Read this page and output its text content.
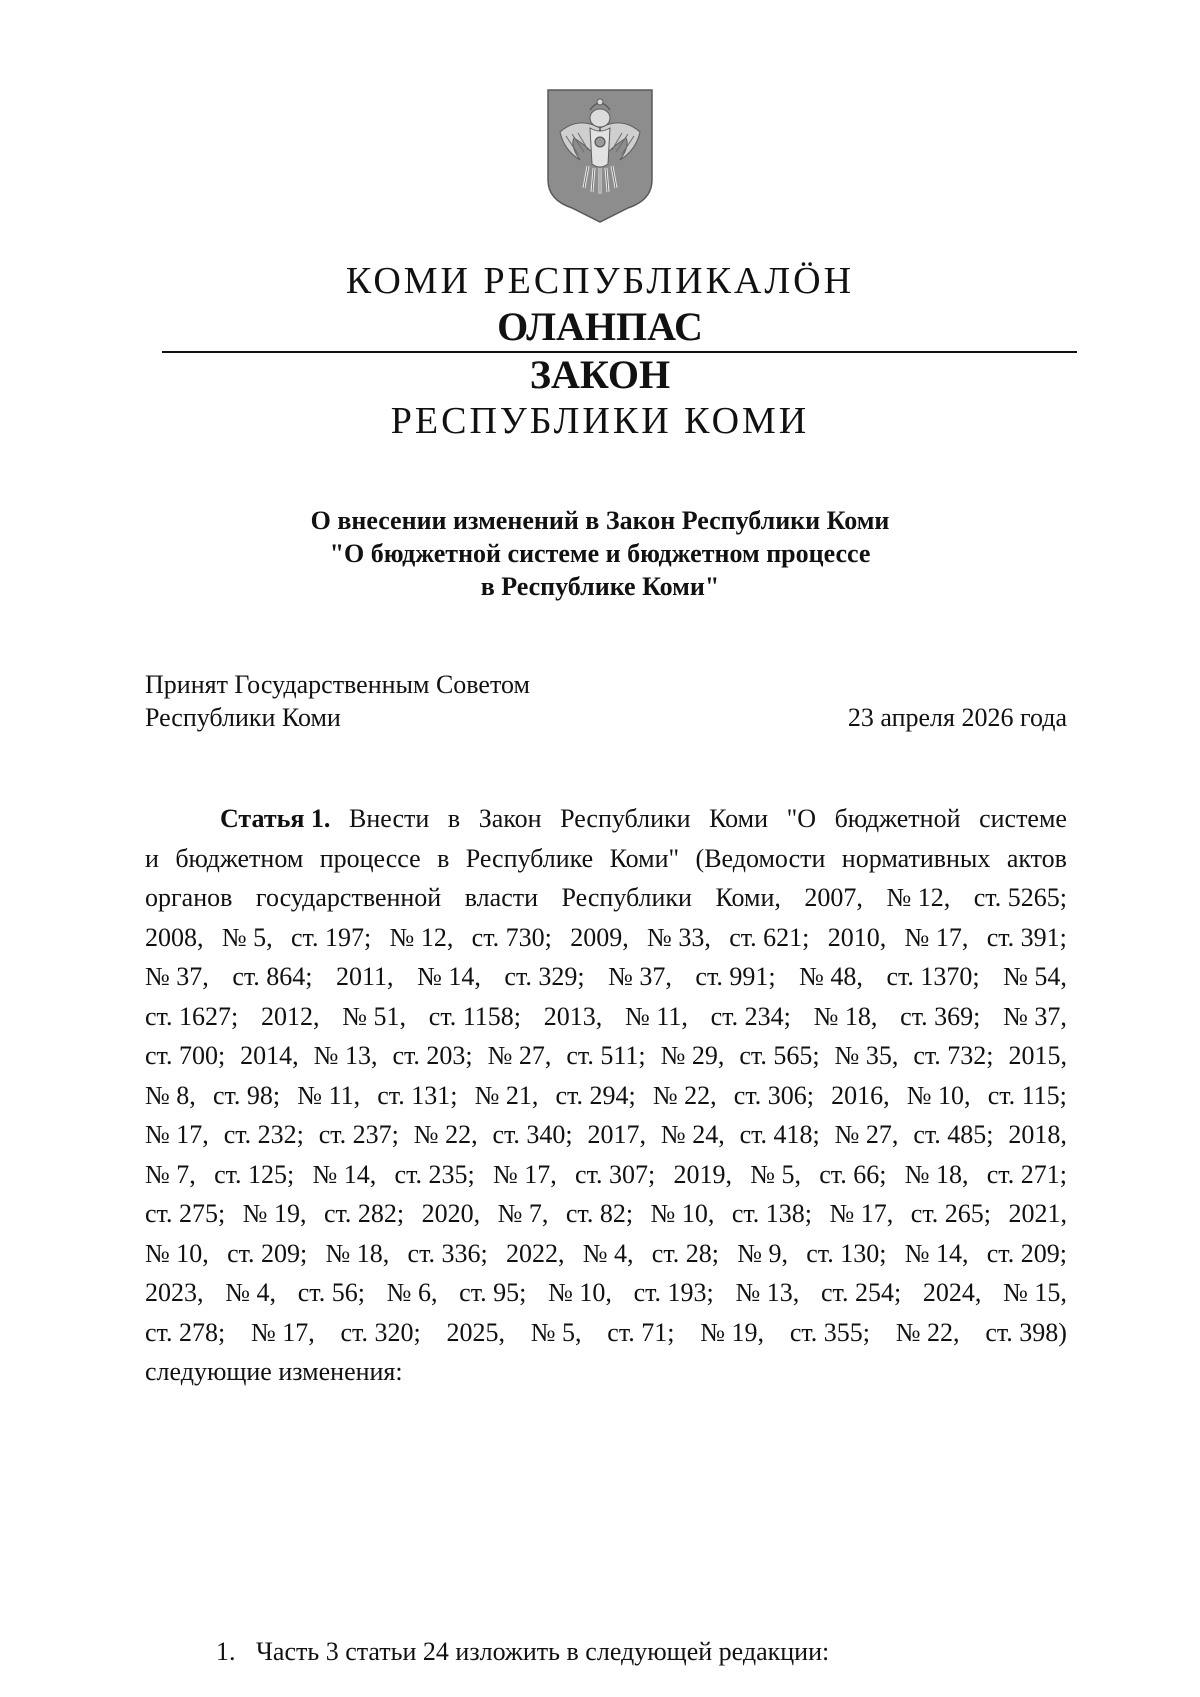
КОМИ РЕСПУБЛИКАЛÖН
ОЛАНПАС
ЗАКОН
РЕСПУБЛИКИ КОМИ
О внесении изменений в Закон Республики Коми
"О бюджетной системе и бюджетном процессе
в Республике Коми"
Принят Государственным Советом
Республики Коми	23 апреля 2026 года
Статья 1. Внести в Закон Республики Коми "О бюджетной системе
и бюджетном процессе в Республике Коми" (Ведомости нормативных актов
органов государственной власти Республики Коми, 2007, № 12, ст. 5265;
2008, № 5, ст. 197; № 12, ст. 730; 2009, № 33, ст. 621; 2010, № 17, ст. 391;
№ 37, ст. 864; 2011, № 14, ст. 329; № 37, ст. 991; № 48, ст. 1370; № 54,
ст. 1627; 2012, № 51, ст. 1158; 2013, № 11, ст. 234; № 18, ст. 369; № 37,
ст. 700; 2014, № 13, ст. 203; № 27, ст. 511; № 29, ст. 565; № 35, ст. 732; 2015,
№ 8, ст. 98; № 11, ст. 131; № 21, ст. 294; № 22, ст. 306; 2016, № 10, ст. 115;
№ 17, ст. 232; ст. 237; № 22, ст. 340; 2017, № 24, ст. 418; № 27, ст. 485; 2018,
№ 7, ст. 125; № 14, ст. 235; № 17, ст. 307; 2019, № 5, ст. 66; № 18, ст. 271;
ст. 275; № 19, ст. 282; 2020, № 7, ст. 82; № 10, ст. 138; № 17, ст. 265; 2021,
№ 10, ст. 209; № 18, ст. 336; 2022, № 4, ст. 28; № 9, ст. 130; № 14, ст. 209;
2023, № 4, ст. 56; № 6, ст. 95; № 10, ст. 193; № 13, ст. 254; 2024, № 15,
ст. 278; № 17, ст. 320; 2025, № 5, ст. 71; № 19, ст. 355; № 22, ст. 398)
следующие изменения:
1. Часть 3 статьи 24 изложить в следующей редакции:
